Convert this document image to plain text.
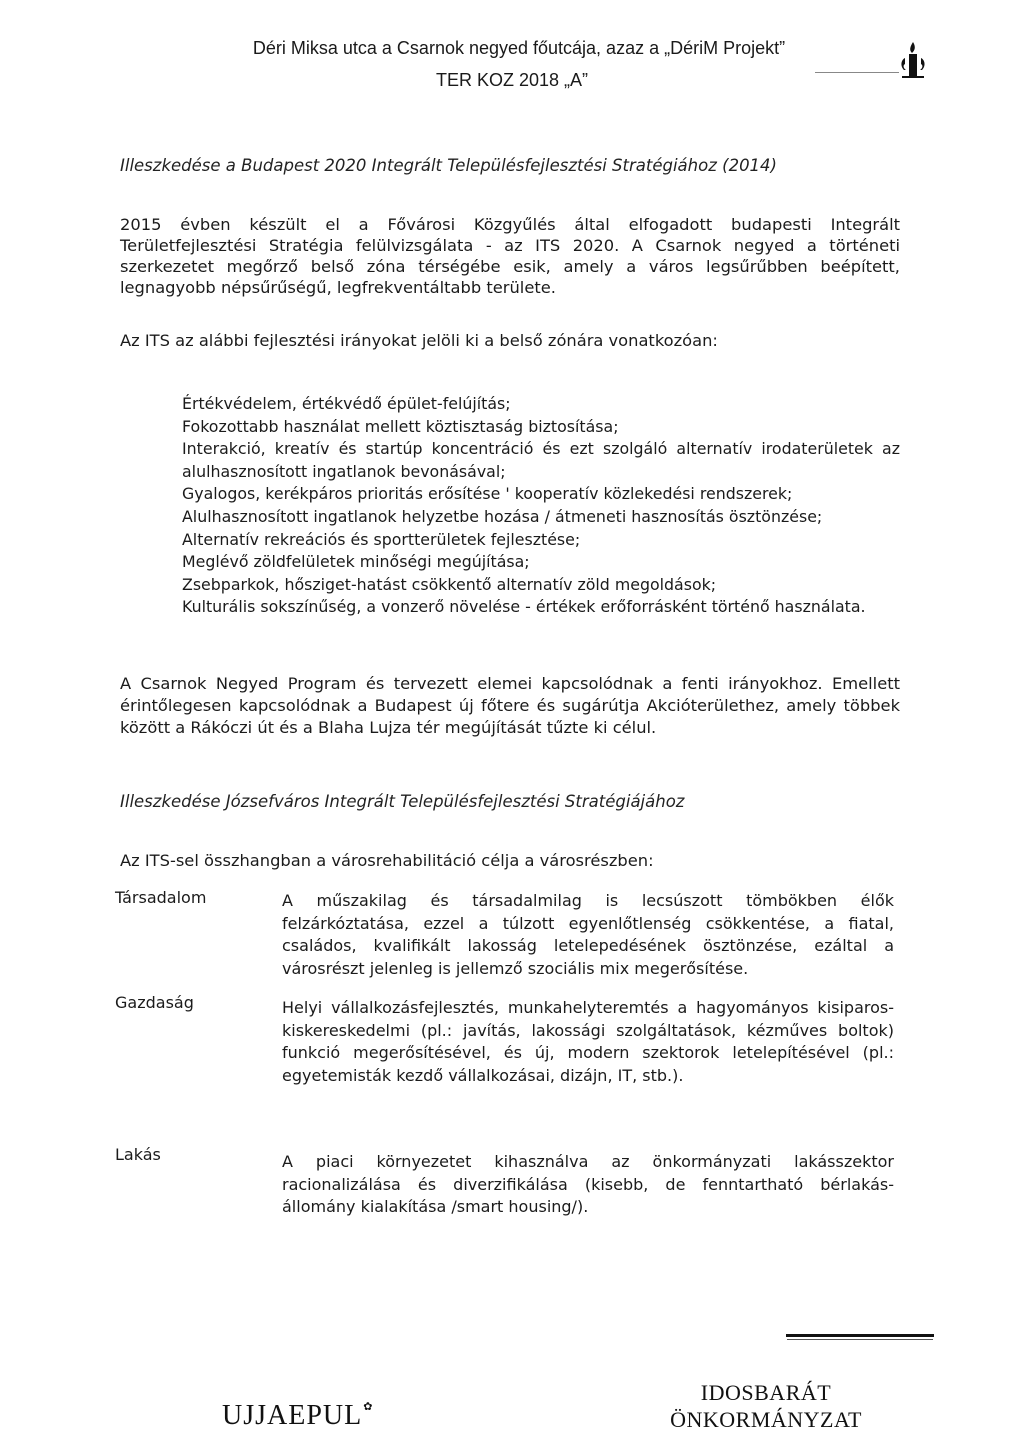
Déri Miksa utca a Csarnok negyed főutcája, azaz a „DériM Projekt”
TER KOZ 2018 „A”
Illeszkedése a Budapest 2020 Integrált Településfejlesztési Stratégiához (2014)

2015 évben készült el a Fővárosi Közgyűlés által elfogadott budapesti Integrált Területfejlesztési Stratégia felülvizsgálata - az ITS 2020. A Csarnok negyed a történeti szerkezetet megőrző belső zóna térségébe esik, amely a város legsűrűbben beépített, legnagyobb népsűrűségű, legfrekventáltabb területe.

Az ITS az alábbi fejlesztési irányokat jelöli ki a belső zónára vonatkozóan:
Értékvédelem, értékvédő épület-felújítás;
Fokozottabb használat mellett köztisztaság biztosítása;
Interakció, kreatív és startúp koncentráció és ezt szolgáló alternatív irodaterületek az alulhasznosított ingatlanok bevonásával;
Gyalogos, kerékpáros prioritás erősítése ' kooperatív közlekedési rendszerek;
Alulhasznosított ingatlanok helyzetbe hozása / átmeneti hasznosítás ösztönzése;
Alternatív rekreációs és sportterületek fejlesztése;
Meglévő zöldfelületek minőségi megújítása;
Zsebparkok, hősziget-hatást csökkentő alternatív zöld megoldások;
Kulturális sokszínűség, a vonzerő növelése - értékek erőforrásként történő használata.

A Csarnok Negyed Program és tervezett elemei kapcsolódnak a fenti irányokhoz. Emellett érintőlegesen kapcsolódnak a Budapest új főtere és sugárútja Akcióterülethez, amely többek között a Rákóczi út és a Blaha Lujza tér megújítását tűzte ki célul.

Illeszkedése Józsefváros Integrált Településfejlesztési Stratégiájához
Az ITS-sel összhangban a városrehabilitáció célja a városrészben:
Társadalom	A műszakilag és társadalmilag is lecsúszott tömbökben élők felzárkóztatása, ezzel a túlzott egyenlőtlenség csökkentése, a fiatal, családos, kvalifikált lakosság letelepedésének ösztönzése, ezáltal a városrészt jelenleg is jellemző szociális mix megerősítése.

Gazdaság	Helyi vállalkozásfejlesztés, munkahelyteremtés a hagyományos kisiparos-kiskereskedelmi (pl.: javítás, lakossági szolgáltatások, kézműves boltok) funkció megerősítésével, és új, modern szektorok letelepítésével (pl.: egyetemisták kezdő vállalkozásai, dizájn, IT, stb.).

Lakás	A piaci környezetet kihasználva az önkormányzati lakásszektor racionalizálása és diverzifikálása (kisebb, de fenntartható bérlakás-állomány kialakítása /smart housing/).

UJJAEPUL✿
IDOSBARÁT
ÖNKORMÁNYZAT
